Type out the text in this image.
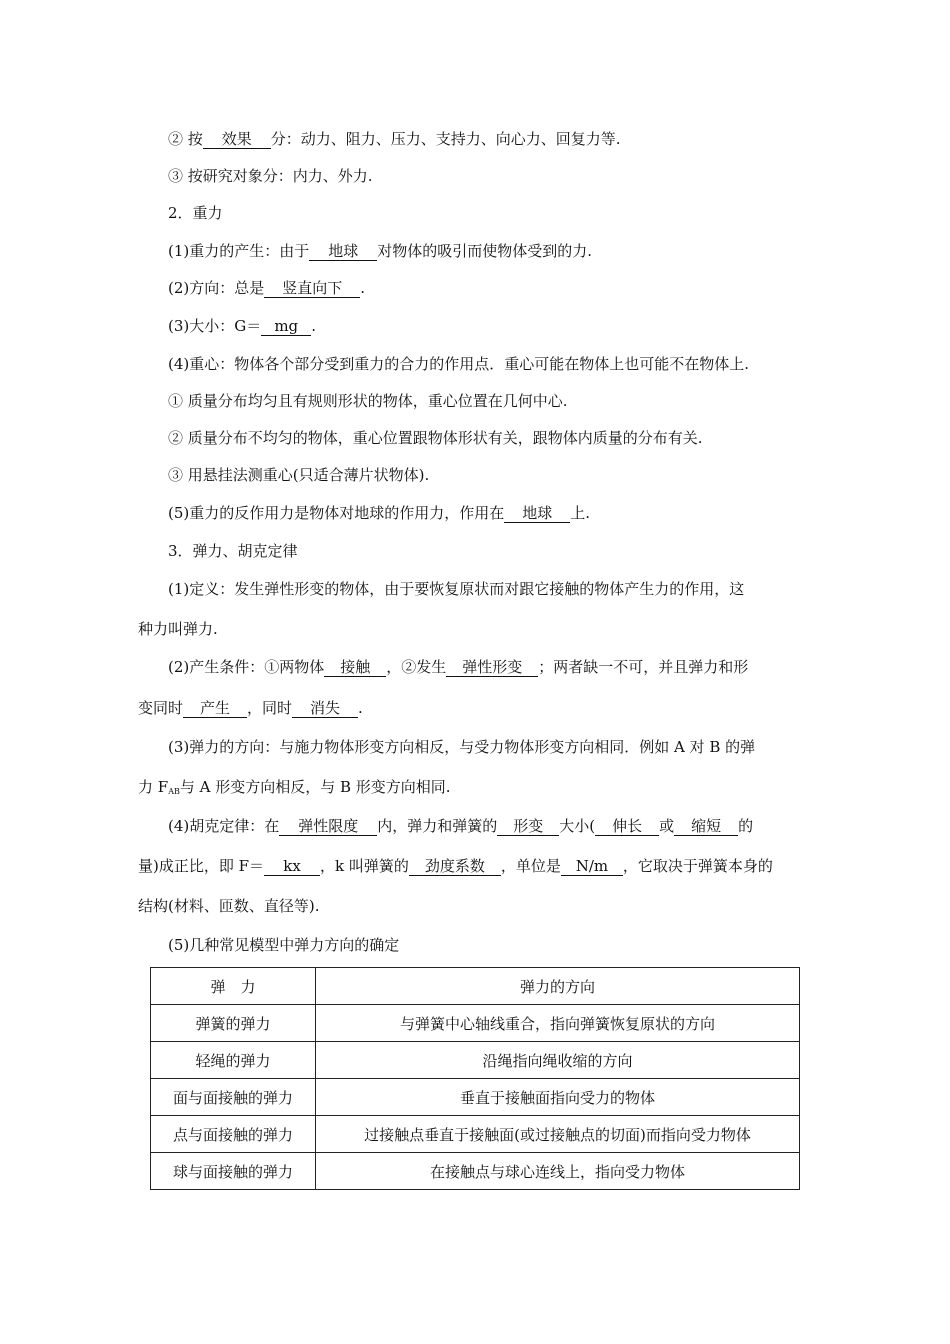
② 按 效果 分：动力、阻力、压力、支持力、向心力、回复力等.
③ 按研究对象分：内力、外力.
2．重力
(1)重力的产生：由于 地球 对物体的吸引而使物体受到的力.
(2)方向：总是 竖直向下 .
(3)大小：G＝ mg .
(4)重心：物体各个部分受到重力的合力的作用点．重心可能在物体上也可能不在物体上.
① 质量分布均匀且有规则形状的物体，重心位置在几何中心.
② 质量分布不均匀的物体，重心位置跟物体形状有关，跟物体内质量的分布有关.
③ 用悬挂法测重心(只适合薄片状物体).
(5)重力的反作用力是物体对地球的作用力，作用在 地球 上.
3．弹力、胡克定律
(1)定义：发生弹性形变的物体，由于要恢复原状而对跟它接触的物体产生力的作用，这
种力叫弹力.
(2)产生条件：①两物体 接触 ，②发生 弹性形变 ；两者缺一不可，并且弹力和形
变同时 产生 ，同时 消失 .
(3)弹力的方向：与施力物体形变方向相反，与受力物体形变方向相同．例如 A 对 B 的弹
力 $F_{AB}$与 A 形变方向相反，与 B 形变方向相同.
(4)胡克定律：在 弹性限度 内，弹力和弹簧的 形变 大小( 伸长 或 缩短 的
量)成正比，即 F＝ kx ，k 叫弹簧的 劲度系数 ，单位是 N/m ，它取决于弹簧本身的
结构(材料、匝数、直径等).
(5)几种常见模型中弹力方向的确定
弹　力	弹力的方向
弹簧的弹力	与弹簧中心轴线重合，指向弹簧恢复原状的方向
轻绳的弹力	沿绳指向绳收缩的方向
面与面接触的弹力	垂直于接触面指向受力的物体
点与面接触的弹力	过接触点垂直于接触面(或过接触点的切面)而指向受力物体
球与面接触的弹力	在接触点与球心连线上，指向受力物体
